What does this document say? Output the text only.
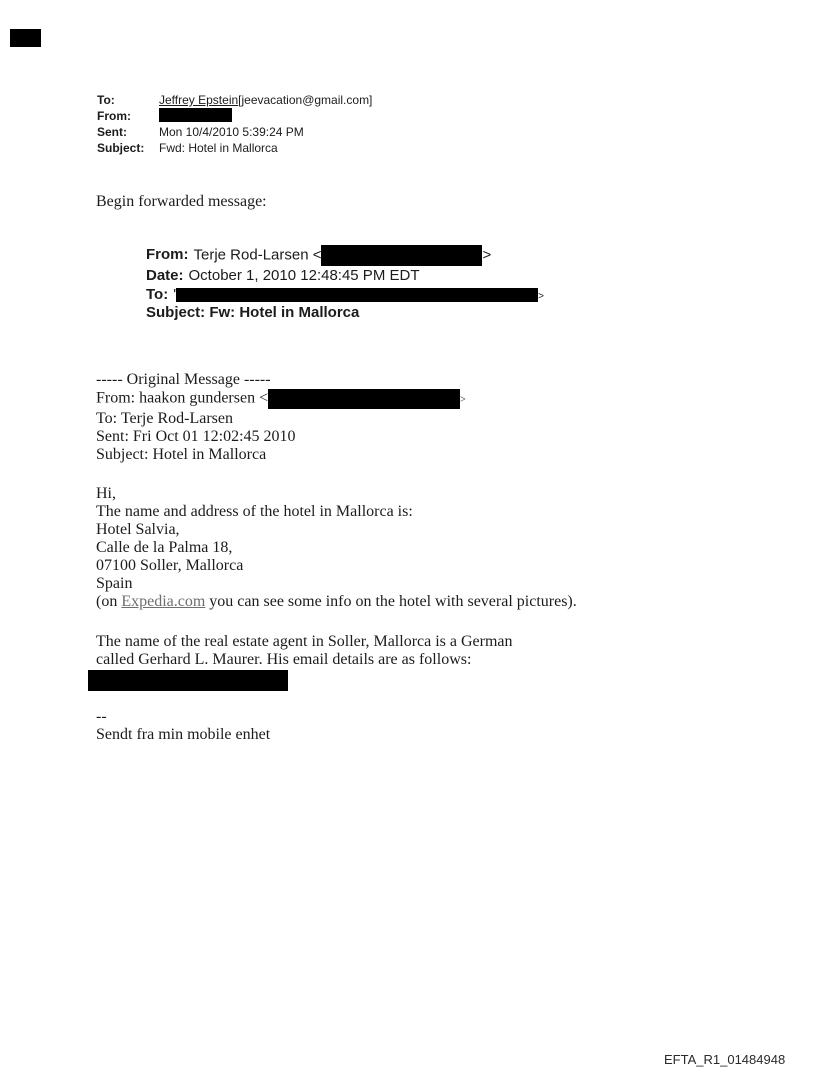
To:	Jeffrey Epstein[jeevacation@gmail.com]
From:
Sent:	Mon 10/4/2010 5:39:24 PM
Subject:	Fwd: Hotel in Mallorca
Begin forwarded message:
From: Terje Rod-Larsen <	>
Date: October 1, 2010 12:48:45 PM EDT
To: '	>
Subject: Fw: Hotel in Mallorca
----- Original Message -----
From: haakon gundersen <	>
To: Terje Rod-Larsen
Sent: Fri Oct 01 12:02:45 2010
Subject: Hotel in Mallorca
Hi,
The name and address of the hotel in Mallorca is:
Hotel Salvia,
Calle de la Palma 18,
07100 Soller, Mallorca
Spain
(on Expedia.com you can see some info on the hotel with several pictures).
The name of the real estate agent in Soller, Mallorca is a German
called Gerhard L. Maurer. His email details are as follows:
--
Sendt fra min mobile enhet
EFTA_R1_01484948
